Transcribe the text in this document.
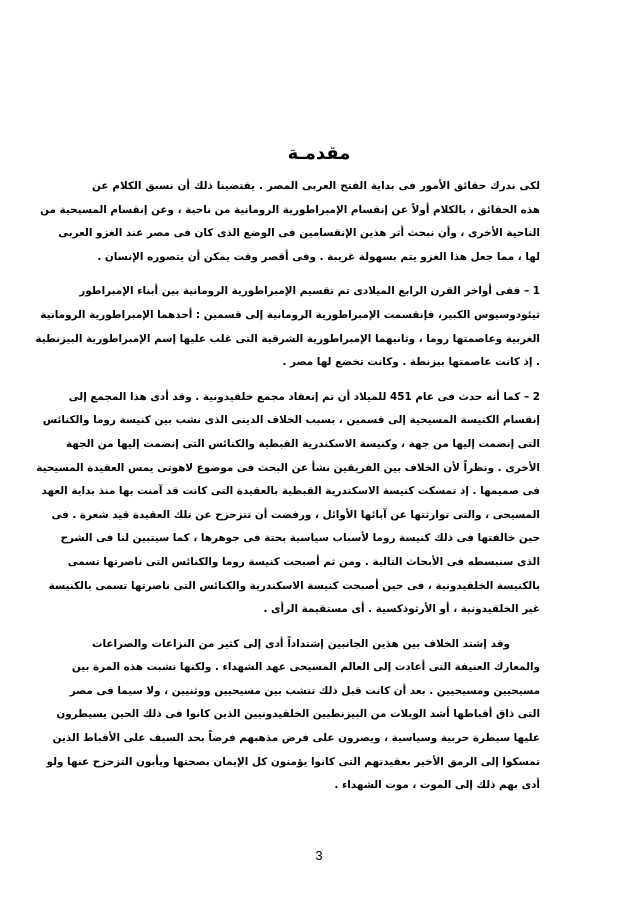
مقدمـة

لكى ندرك حقائق الأمور فى بداية الفتح العربى المصر . يقتضينا ذلك أن نسبق الكلام عن
هذه الحقائق ، بالكلام أولاً عن إنقسام الإمبراطورية الرومانية من ناحية ، وعن إنقسام المسيحية من
الناحية الأخرى ، وأن نبحث أثر هذين الإنقسامين فى الوضع الذى كان فى مصر عند الغزو العربى
لها ، مما جعل هذا الغزو يتم بسهولة غريبة . وفى أقصر وقت يمكن أن يتصوره الإنسان .

1 – ففى أواخر القرن الرابع الميلادى تم تقسيم الإمبراطورية الرومانية بين أبناء الإمبراطور
ثيئودوسيوس الكبير، فإنقسمت الإمبراطورية الرومانية إلى قسمين : أحدهما الإمبراطورية الرومانية
الغربية وعاصمتها روما ، وثانيهما الإمبراطورية الشرقية التى غلب عليها إسم الإمبراطورية البيزنطية
. إذ كانت عاصمتها بيزنطة . وكانت تخضع لها مصر .

2 – كما أنه حدث فى عام 451 للميلاد أن تم إنعقاد مجمع خلقيدونية . وقد أدى هذا المجمع إلى
إنقسام الكنيسة المسيحية إلى قسمين ، بسبب الخلاف الدينى الذى نشب بين كنيسة روما والكنائس
التى إنضمت إليها من جهة ، وكنيسة الاسكندرية القبطية والكنائس التى إنضمت إليها من الجهة
الأخرى . ونظراً لأن الخلاف بين الفريقين نشأ عن البحث فى موضوع لاهوتى يمس العقيدة المسيحية
فى صميمها . إذ تمسكت كنيسة الاسكندرية القبطية بالعقيدة التى كانت قد آمنت بها منذ بداية العهد
المسيحى ، والتى توارثتها عن آبائها الأوائل ، ورفضت أن تتزحزح عن تلك العقيدة قيد شعرة . فى
حين خالفتها فى ذلك كنيسة روما لأسباب سياسية بحتة فى جوهرها ، كما سيتبين لنا فى الشرح
الذى سنبسطه فى الأبحاث التالية . ومن ثم أصبحت كنيسة روما والكنائس التى ناصرتها تسمى
بالكنيسة الخلقيدونية ، فى حين أصبحت كنيسة الاسكندرية والكنائس التى ناصرتها تسمى بالكنيسة
غير الخلقيدونية ، أو الأرثوذكسية . أى مستقيمة الرأى .

وقد إشتد الخلاف بين هذين الجانبين إشتداداً أدى إلى كثير من النزاعات والصراعات
والمعارك العنيفة التى أعادت إلى العالم المسيحى عهد الشهداء . ولكنها نشبت هذه المرة بين
مسيحيين ومسيحيين . بعد أن كانت قبل ذلك تنشب بين مسيحيين ووثنيين ، ولا سيما فى مصر
التى ذاق أقباطها أشد الويلات من البيزنطيين الخلقيدونيين الذين كانوا فى ذلك الحين يسيطرون
عليها سيطرة حربية وسياسية ، ويصرون على فرض مذهبهم فرضاً بحد السيف على الأقباط الذين
تمسكوا إلى الرمق الأخير بعقيدتهم التى كانوا يؤمنون كل الإيمان بصحتها ويأبون التزحزح عنها ولو
أدى بهم ذلك إلى الموت ، موت الشهداء .

3
